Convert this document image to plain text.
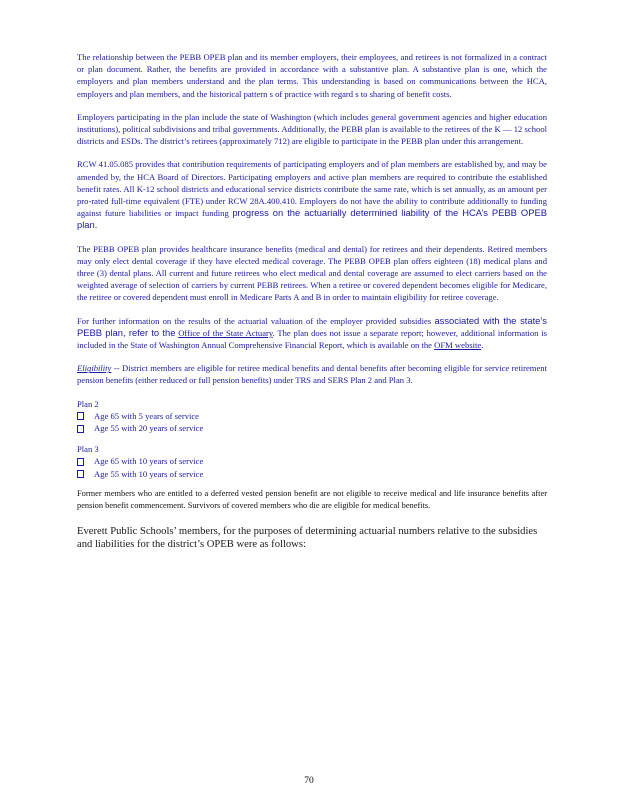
The relationship between the PEBB OPEB plan and its member employers, their employees, and retirees is not formalized in a contract or plan document. Rather, the benefits are provided in accordance with a substantive plan. A substantive plan is one, which the employers and plan members understand and the plan terms. This understanding is based on communications between the HCA, employers and plan members, and the historical pattern s of practice with regard s to sharing of benefit costs.

Employers participating in the plan include the state of Washington (which includes general government agencies and higher education institutions), political subdivisions and tribal governments. Additionally, the PEBB plan is available to the retirees of the K — 12 school districts and ESDs. The district’s retirees (approximately 712) are eligible to participate in the PEBB plan under this arrangement.

RCW 41.05.085 provides that contribution requirements of participating employers and of plan members are established by, and may be amended by, the HCA Board of Directors. Participating employers and active plan members are required to contribute the established benefit rates. All K-12 school districts and educational service districts contribute the same rate, which is set annually, as an amount per pro-rated full-time equivalent (FTE) under RCW 28A.400.410. Employers do not have the ability to contribute additionally to funding against future liabilities or impact funding progress on the actuarially determined liability of the HCA’s PEBB OPEB plan.

The PEBB OPEB plan provides healthcare insurance benefits (medical and dental) for retirees and their dependents. Retired members may only elect dental coverage if they have elected medical coverage. The PEBB OPEB plan offers eighteen (18) medical plans and three (3) dental plans. All current and future retirees who elect medical and dental coverage are assumed to elect carriers based on the weighted average of selection of carriers by current PEBB retirees. When a retiree or covered dependent becomes eligible for Medicare, the retiree or covered dependent must enroll in Medicare Parts A and B in order to maintain eligibility for retiree coverage.

For further information on the results of the actuarial valuation of the employer provided subsidies associated with the state’s PEBB plan, refer to the Office of the State Actuary. The plan does not issue a separate report; however, additional information is included in the State of Washington Annual Comprehensive Financial Report, which is available on the OFM website.

Eligibility -- District members are eligible for retiree medical benefits and dental benefits after becoming eligible for service retirement pension benefits (either reduced or full pension benefits) under TRS and SERS Plan 2 and Plan 3.

Plan 2
Age 65 with 5 years of service
Age 55 with 20 years of service
Plan 3
Age 65 with 10 years of service
Age 55 with 10 years of service

Former members who are entitled to a deferred vested pension benefit are not eligible to receive medical and life insurance benefits after pension benefit commencement. Survivors of covered members who die are eligible for medical benefits.

Everett Public Schools’ members, for the purposes of determining actuarial numbers relative to the subsidies and liabilities for the district’s OPEB were as follows:

70
